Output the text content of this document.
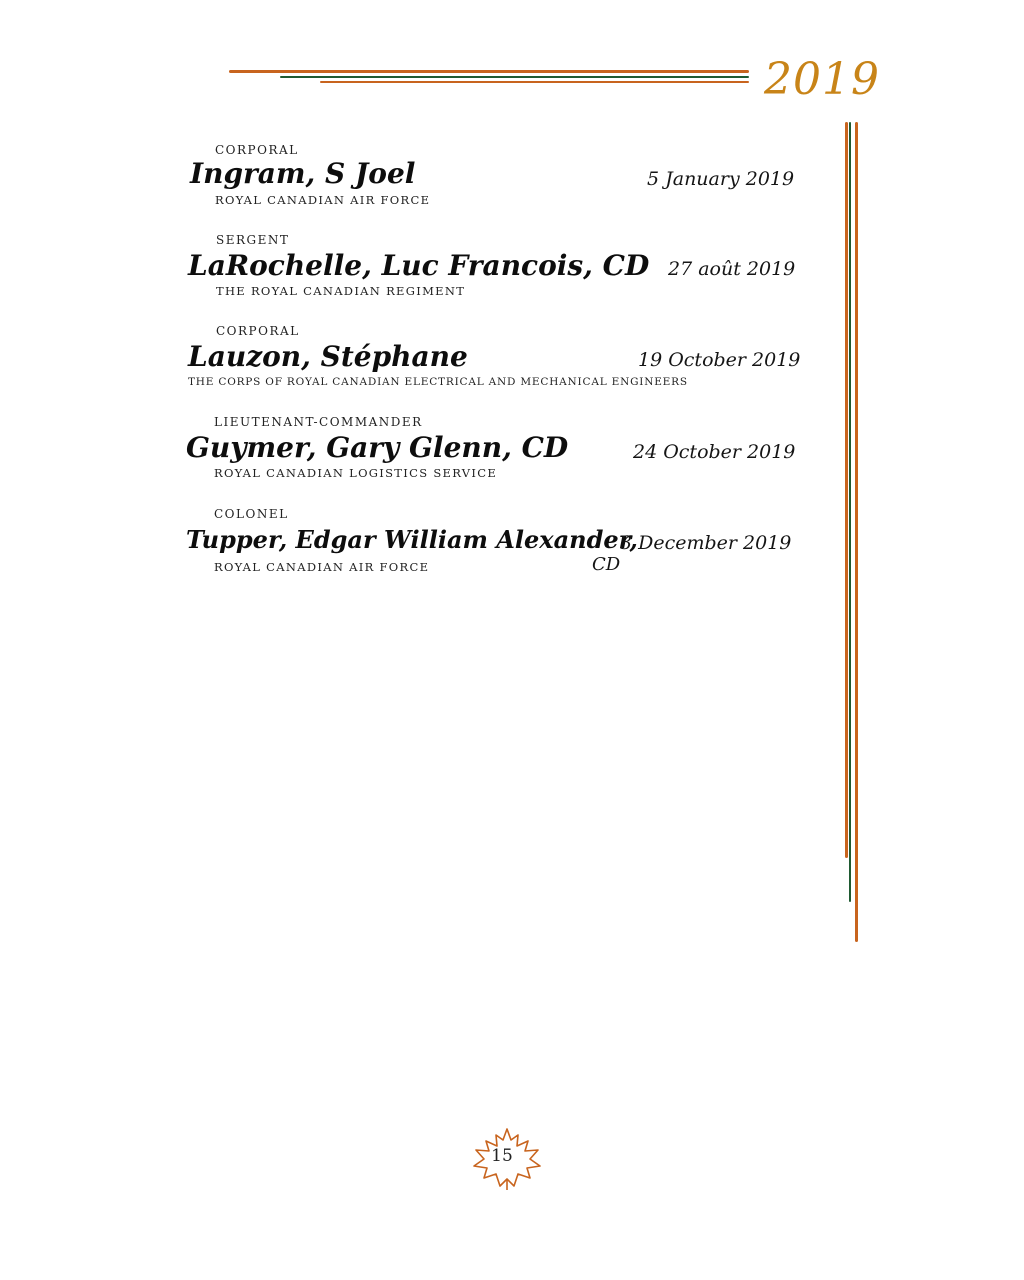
2019
CORPORAL
Ingram, S Joel
ROYAL CANADIAN AIR FORCE
5 January 2019
SERGENT
LaRochelle, Luc Francois, CD
THE ROYAL CANADIAN REGIMENT
27 août 2019
CORPORAL
Lauzon, Stéphane
THE CORPS OF ROYAL CANADIAN ELECTRICAL AND MECHANICAL ENGINEERS
19 October 2019
LIEUTENANT-COMMANDER
Guymer, Gary Glenn, CD
ROYAL CANADIAN LOGISTICS SERVICE
24 October 2019
COLONEL
Tupper, Edgar William Alexander,
ROYAL CANADIAN AIR FORCE
3 December 2019
CD
15
